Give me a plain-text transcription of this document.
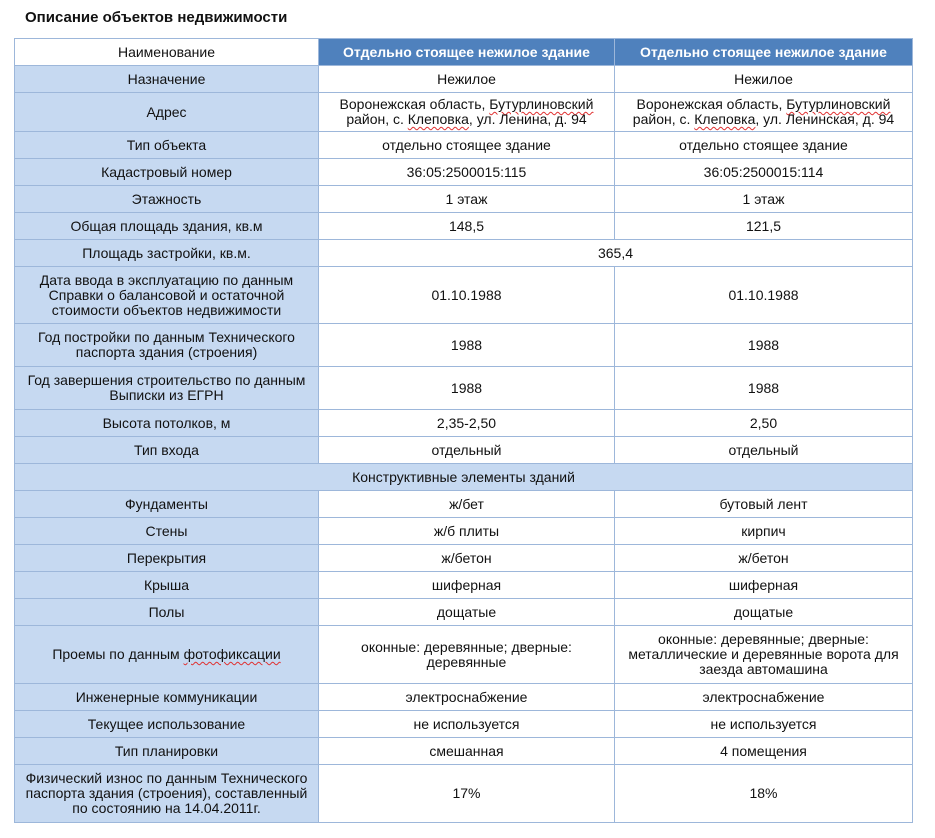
Описание объектов недвижимости
Наименование	Отдельно стоящее нежилое здание	Отдельно стоящее нежилое здание
Назначение	Нежилое	Нежилое
Адрес	Воронежская область, Бутурлиновский район, с. Клеповка, ул. Ленина, д. 94	Воронежская область, Бутурлиновский район, с. Клеповка, ул. Ленинская, д. 94
Тип объекта	отдельно стоящее здание	отдельно стоящее здание
Кадастровый номер	36:05:2500015:115	36:05:2500015:114
Этажность	1 этаж	1 этаж
Общая площадь здания, кв.м	148,5	121,5
Площадь застройки, кв.м.	365,4	
Дата ввода в эксплуатацию по данным Справки о балансовой и остаточной стоимости объектов недвижимости	01.10.1988	01.10.1988
Год постройки по данным Технического паспорта здания (строения)	1988	1988
Год завершения строительство по данным Выписки из ЕГРН	1988	1988
Высота потолков, м	2,35-2,50	2,50
Тип входа	отдельный	отдельный
Конструктивные элементы зданий		
Фундаменты	ж/бет	бутовый лент
Стены	ж/б плиты	кирпич
Перекрытия	ж/бетон	ж/бетон
Крыша	шиферная	шиферная
Полы	дощатые	дощатые
Проемы по данным фотофиксации	оконные: деревянные; дверные: деревянные	оконные: деревянные; дверные: металлические и деревянные ворота для заезда автомашина
Инженерные коммуникации	электроснабжение	электроснабжение
Текущее использование	не используется	не используется
Тип планировки	смешанная	4 помещения
Физический износ по данным Технического паспорта здания (строения), составленный по состоянию на 14.04.2011г.	17%	18%
